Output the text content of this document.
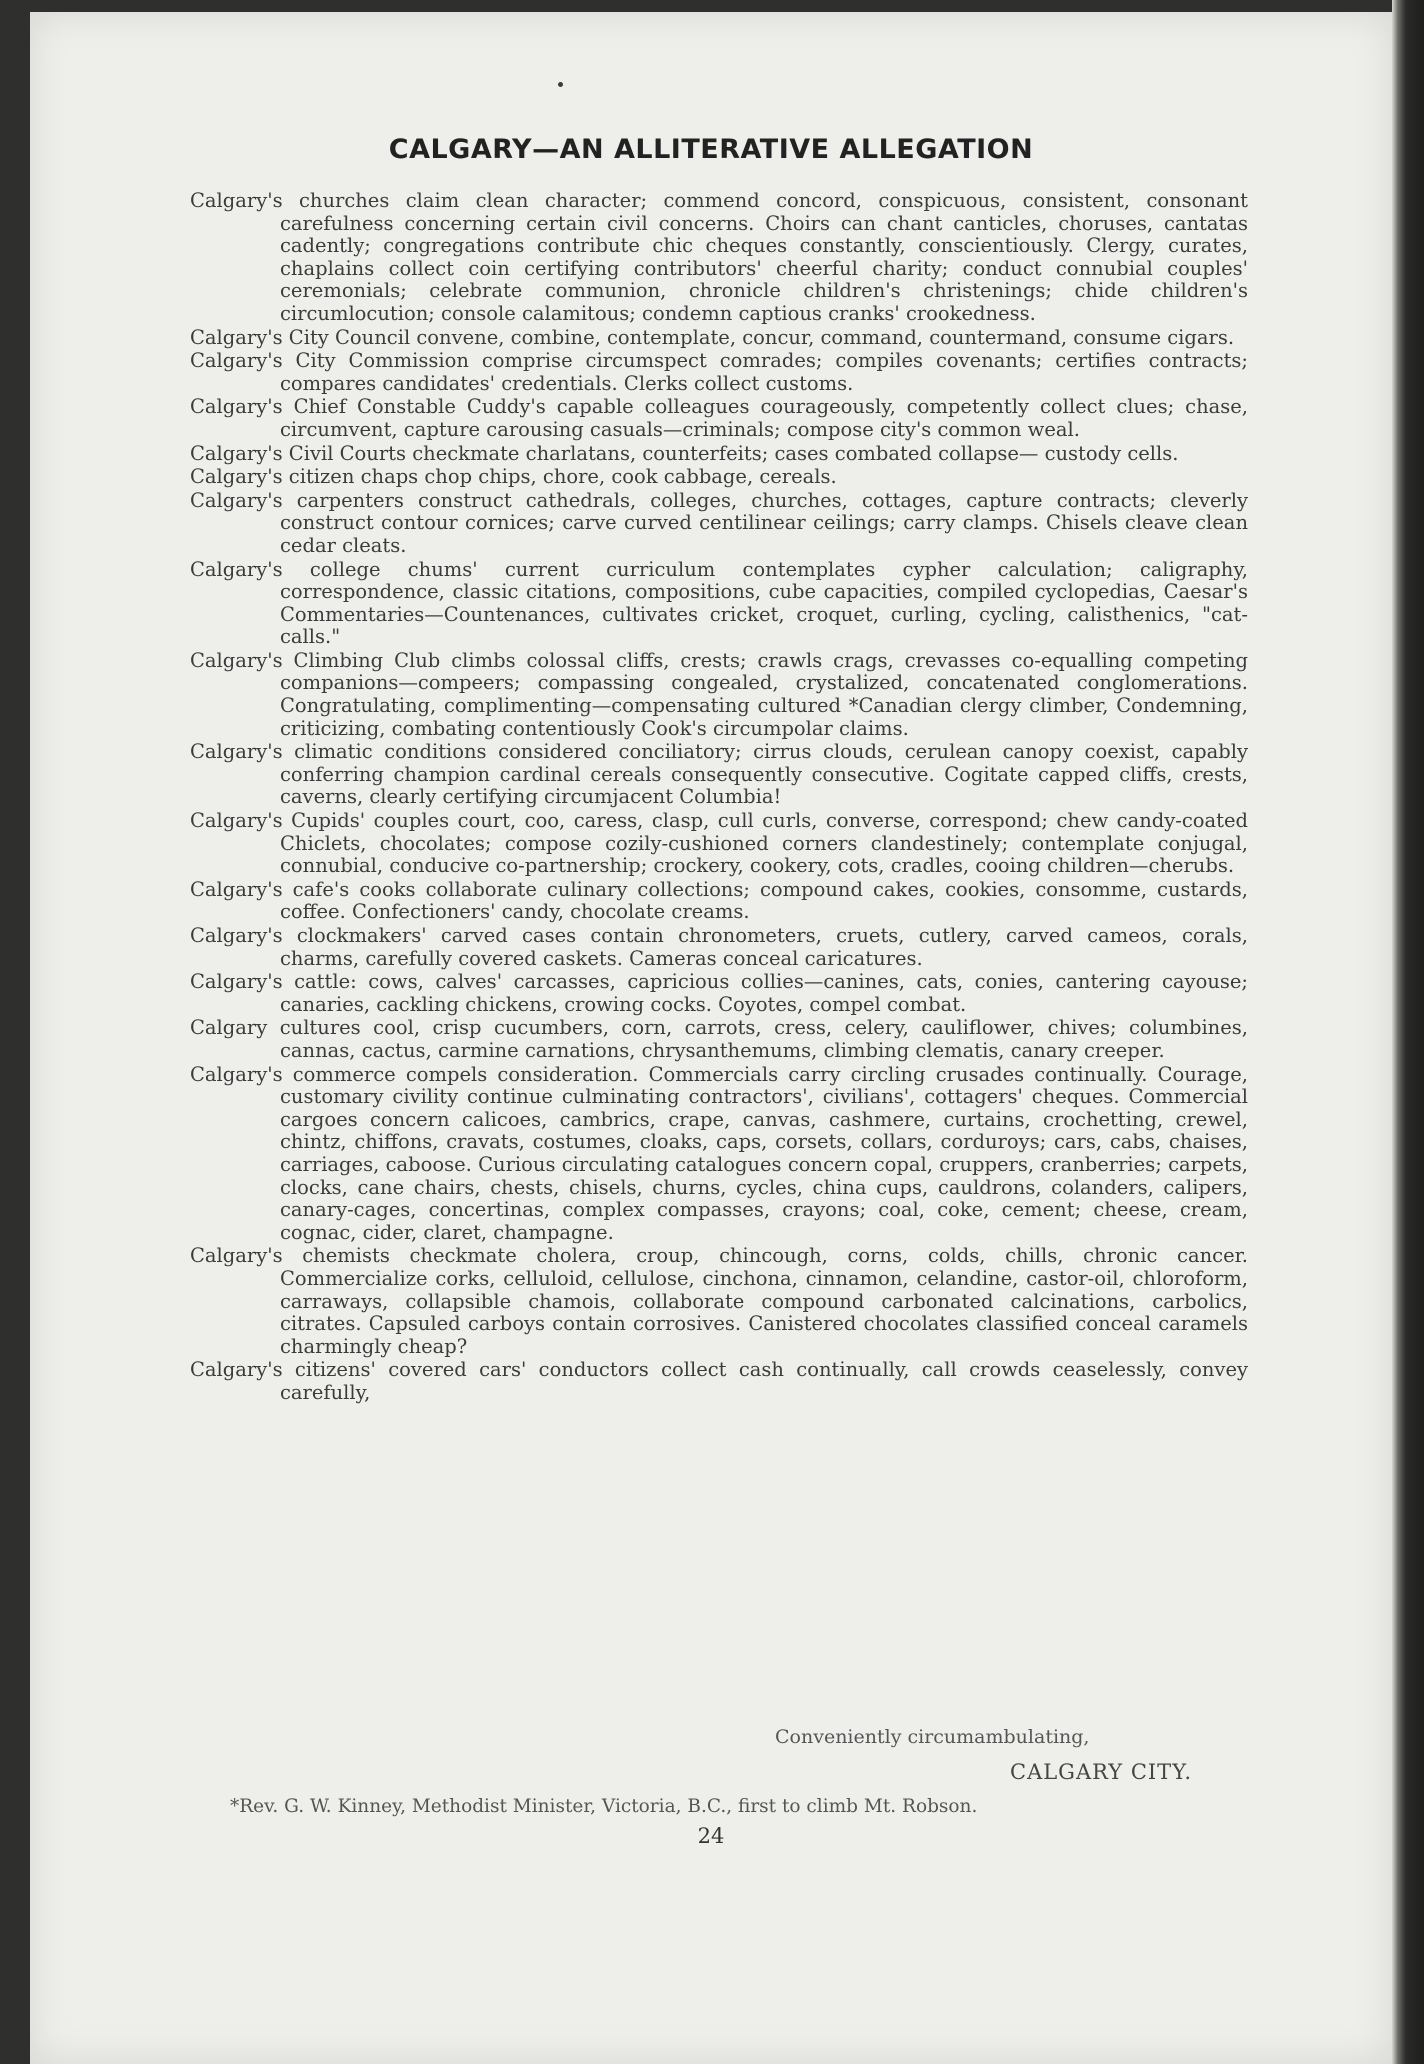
CALGARY—AN ALLITERATIVE ALLEGATION

Calgary's churches claim clean character; commend concord, conspicuous, consistent, consonant carefulness concerning certain civil concerns. Choirs can chant canticles, choruses, cantatas cadently; congregations contribute chic cheques constantly, conscientiously. Clergy, curates, chaplains collect coin certifying contributors' cheerful charity; conduct connubial couples' ceremonials; celebrate communion, chronicle children's christenings; chide children's circumlocution; console calamitous; condemn captious cranks' crookedness.

Calgary's City Council convene, combine, contemplate, concur, command, countermand, consume cigars.

Calgary's City Commission comprise circumspect comrades; compiles covenants; certifies contracts; compares candidates' credentials. Clerks collect customs.

Calgary's Chief Constable Cuddy's capable colleagues courageously, competently collect clues; chase, circumvent, capture carousing casuals—criminals; compose city's common weal.

Calgary's Civil Courts checkmate charlatans, counterfeits; cases combated collapse— custody cells.

Calgary's citizen chaps chop chips, chore, cook cabbage, cereals.

Calgary's carpenters construct cathedrals, colleges, churches, cottages, capture contracts; cleverly construct contour cornices; carve curved centilinear ceilings; carry clamps. Chisels cleave clean cedar cleats.

Calgary's college chums' current curriculum contemplates cypher calculation; caligraphy, correspondence, classic citations, compositions, cube capacities, compiled cyclopedias, Caesar's Commentaries—Countenances, cultivates cricket, croquet, curling, cycling, calisthenics, "cat-calls."

Calgary's Climbing Club climbs colossal cliffs, crests; crawls crags, crevasses co-equalling competing companions—compeers; compassing congealed, crystalized, concatenated conglomerations. Congratulating, complimenting—compensating cultured *Canadian clergy climber, Condemning, criticizing, combating contentiously Cook's circumpolar claims.

Calgary's climatic conditions considered conciliatory; cirrus clouds, cerulean canopy coexist, capably conferring champion cardinal cereals consequently consecutive. Cogitate capped cliffs, crests, caverns, clearly certifying circumjacent Columbia!

Calgary's Cupids' couples court, coo, caress, clasp, cull curls, converse, correspond; chew candy-coated Chiclets, chocolates; compose cozily-cushioned corners clandestinely; contemplate conjugal, connubial, conducive co-partnership; crockery, cookery, cots, cradles, cooing children—cherubs.

Calgary's cafe's cooks collaborate culinary collections; compound cakes, cookies, consomme, custards, coffee. Confectioners' candy, chocolate creams.

Calgary's clockmakers' carved cases contain chronometers, cruets, cutlery, carved cameos, corals, charms, carefully covered caskets. Cameras conceal caricatures.

Calgary's cattle: cows, calves' carcasses, capricious collies—canines, cats, conies, cantering cayouse; canaries, cackling chickens, crowing cocks. Coyotes, compel combat.

Calgary cultures cool, crisp cucumbers, corn, carrots, cress, celery, cauliflower, chives; columbines, cannas, cactus, carmine carnations, chrysanthemums, climbing clematis, canary creeper.

Calgary's commerce compels consideration. Commercials carry circling crusades continually. Courage, customary civility continue culminating contractors', civilians', cottagers' cheques. Commercial cargoes concern calicoes, cambrics, crape, canvas, cashmere, curtains, crochetting, crewel, chintz, chiffons, cravats, costumes, cloaks, caps, corsets, collars, corduroys; cars, cabs, chaises, carriages, caboose. Curious circulating catalogues concern copal, cruppers, cranberries; carpets, clocks, cane chairs, chests, chisels, churns, cycles, china cups, cauldrons, colanders, calipers, canary-cages, concertinas, complex compasses, crayons; coal, coke, cement; cheese, cream, cognac, cider, claret, champagne.

Calgary's chemists checkmate cholera, croup, chincough, corns, colds, chills, chronic cancer. Commercialize corks, celluloid, cellulose, cinchona, cinnamon, celandine, castor-oil, chloroform, carraways, collapsible chamois, collaborate compound carbonated calcinations, carbolics, citrates. Capsuled carboys contain corrosives. Canistered chocolates classified conceal caramels charmingly cheap?

Calgary's citizens' covered cars' conductors collect cash continually, call crowds ceaselessly, convey carefully,

Conveniently circumambulating,
CALGARY CITY.
*Rev. G. W. Kinney, Methodist Minister, Victoria, B.C., first to climb Mt. Robson.
24
